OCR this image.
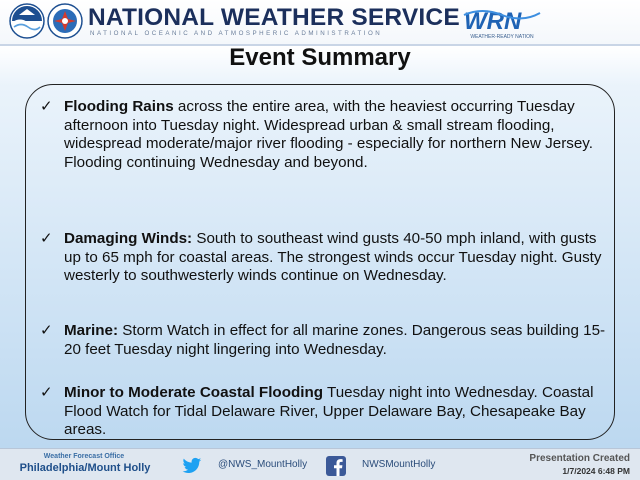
NATIONAL WEATHER SERVICE
NATIONAL OCEANIC AND ATMOSPHERIC ADMINISTRATION	WRN
WEATHER-READY NATION
Event Summary
✓ Flooding Rains across the entire area, with the heaviest occurring Tuesday afternoon into Tuesday night. Widespread urban & small stream flooding, widespread moderate/major river flooding - especially for northern New Jersey. Flooding continuing Wednesday and beyond.
✓ Damaging Winds: South to southeast wind gusts 40-50 mph inland, with gusts up to 65 mph for coastal areas. The strongest winds occur Tuesday night. Gusty westerly to southwesterly winds continue on Wednesday.
✓ Marine: Storm Watch in effect for all marine zones. Dangerous seas building 15-20 feet Tuesday night lingering into Wednesday.
✓ Minor to Moderate Coastal Flooding Tuesday night into Wednesday. Coastal Flood Watch for Tidal Delaware River, Upper Delaware Bay, Chesapeake Bay areas.
Weather Forecast Office
Philadelphia/Mount Holly	@NWS_MountHolly	NWSMountHolly
Presentation Created
1/7/2024 6:48 PM
